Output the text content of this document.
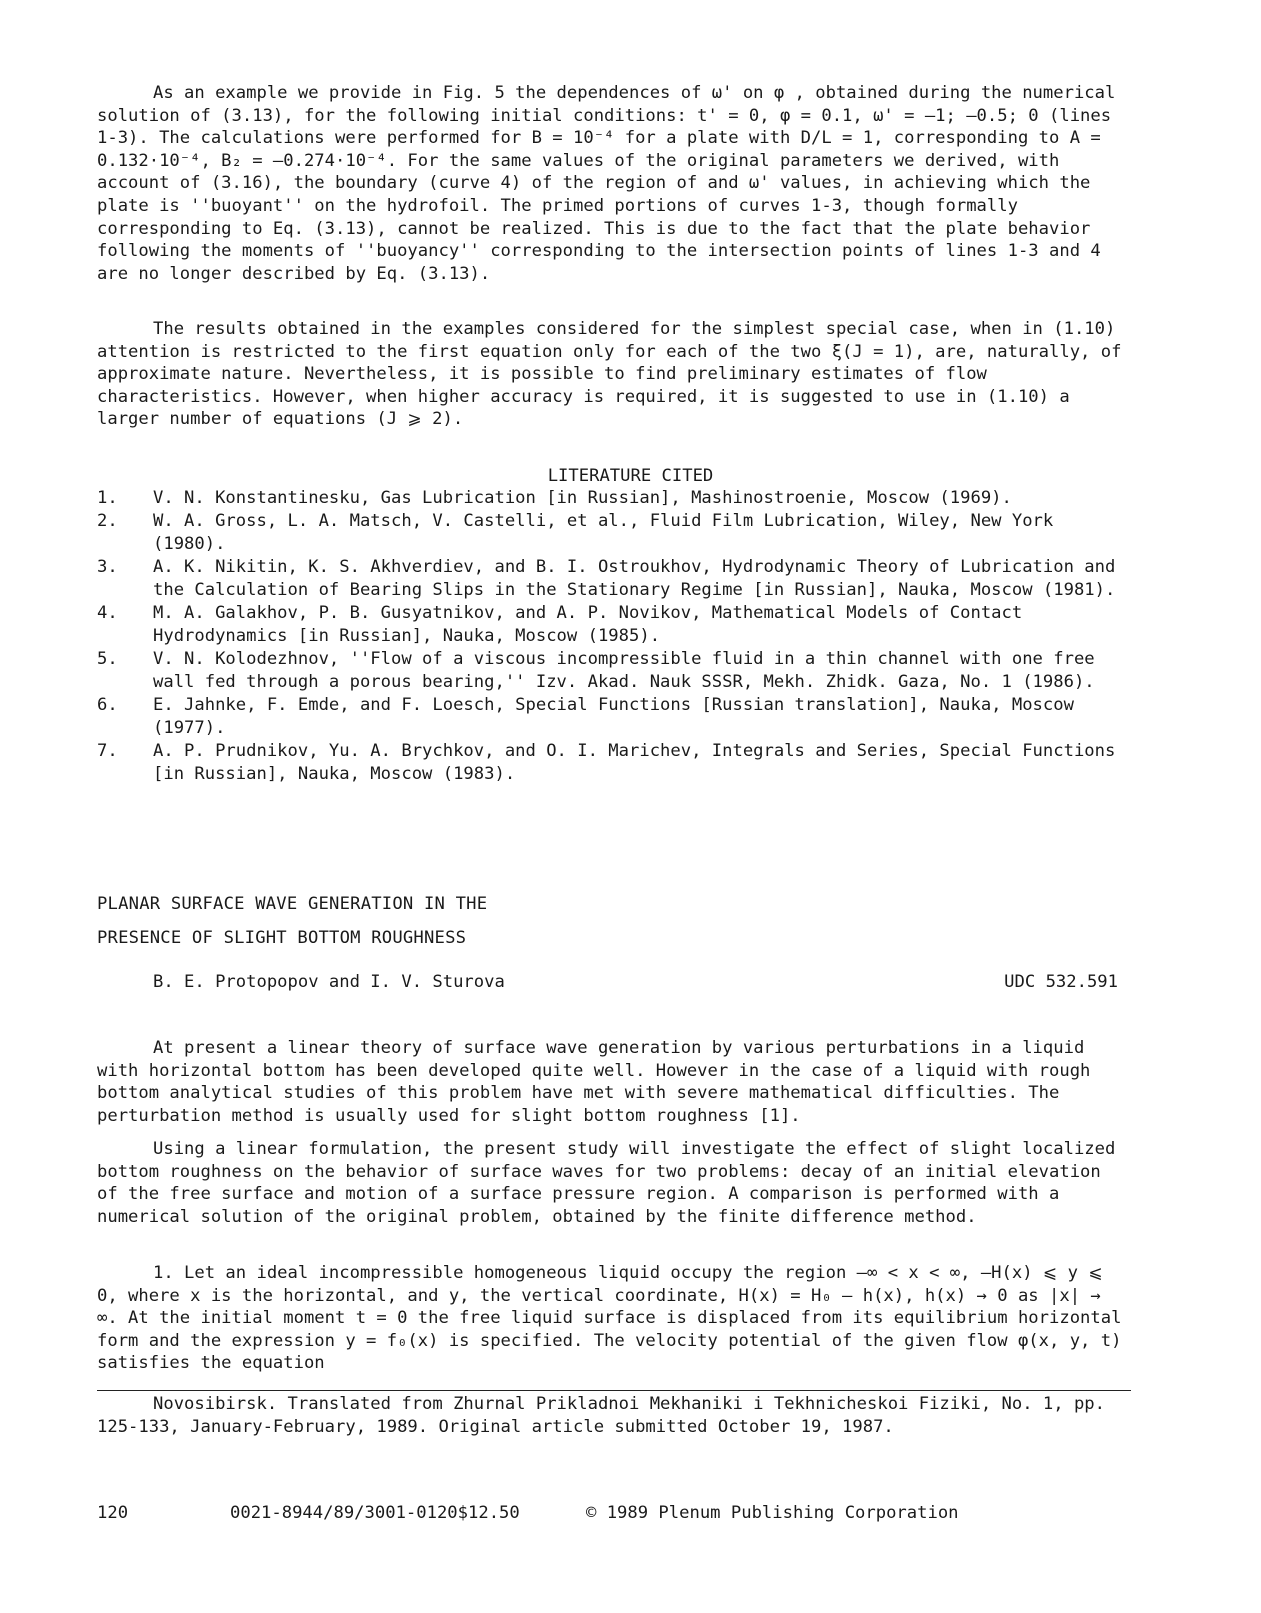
As an example we provide in Fig. 5 the dependences of ω' on φ , obtained during the numerical solution of (3.13), for the following initial conditions: t' = 0, φ = 0.1, ω' = —1; —0.5; 0 (lines 1-3). The calculations were performed for B = 10⁻⁴ for a plate with D/L = 1, corresponding to A = 0.132·10⁻⁴, B₂ = —0.274·10⁻⁴. For the same values of the original parameters we derived, with account of (3.16), the boundary (curve 4) of the region of and ω' values, in achieving which the plate is ''buoyant'' on the hydrofoil. The primed portions of curves 1-3, though formally corresponding to Eq. (3.13), cannot be realized. This is due to the fact that the plate behavior following the moments of ''buoyancy'' corresponding to the intersection points of lines 1-3 and 4 are no longer described by Eq. (3.13).

The results obtained in the examples considered for the simplest special case, when in (1.10) attention is restricted to the first equation only for each of the two ξ(J = 1), are, naturally, of approximate nature. Nevertheless, it is possible to find preliminary estimates of flow characteristics. However, when higher accuracy is required, it is suggested to use in (1.10) a larger number of equations (J ⩾ 2).

LITERATURE CITED
1. V. N. Konstantinesku, Gas Lubrication [in Russian], Mashinostroenie, Moscow (1969).
2. W. A. Gross, L. A. Matsch, V. Castelli, et al., Fluid Film Lubrication, Wiley, New York (1980).
3. A. K. Nikitin, K. S. Akhverdiev, and B. I. Ostroukhov, Hydrodynamic Theory of Lubrication and the Calculation of Bearing Slips in the Stationary Regime [in Russian], Nauka, Moscow (1981).
4. M. A. Galakhov, P. B. Gusyatnikov, and A. P. Novikov, Mathematical Models of Contact Hydrodynamics [in Russian], Nauka, Moscow (1985).
5. V. N. Kolodezhnov, ''Flow of a viscous incompressible fluid in a thin channel with one free wall fed through a porous bearing,'' Izv. Akad. Nauk SSSR, Mekh. Zhidk. Gaza, No. 1 (1986).
6. E. Jahnke, F. Emde, and F. Loesch, Special Functions [Russian translation], Nauka, Moscow (1977).
7. A. P. Prudnikov, Yu. A. Brychkov, and O. I. Marichev, Integrals and Series, Special Functions [in Russian], Nauka, Moscow (1983).
PLANAR SURFACE WAVE GENERATION IN THE
PRESENCE OF SLIGHT BOTTOM ROUGHNESS
B. E. Protopopov and I. V. Sturova	UDC 532.591

At present a linear theory of surface wave generation by various perturbations in a liquid with horizontal bottom has been developed quite well. However in the case of a liquid with rough bottom analytical studies of this problem have met with severe mathematical difficulties. The perturbation method is usually used for slight bottom roughness [1].

Using a linear formulation, the present study will investigate the effect of slight localized bottom roughness on the behavior of surface waves for two problems: decay of an initial elevation of the free surface and motion of a surface pressure region. A comparison is performed with a numerical solution of the original problem, obtained by the finite difference method.

1. Let an ideal incompressible homogeneous liquid occupy the region —∞ < x < ∞, —H(x) ⩽ y ⩽ 0, where x is the horizontal, and y, the vertical coordinate, H(x) = H₀ — h(x), h(x) → 0 as |x| → ∞. At the initial moment t = 0 the free liquid surface is displaced from its equilibrium horizontal form and the expression y = f₀(x) is specified. The velocity potential of the given flow φ(x, y, t) satisfies the equation

Novosibirsk. Translated from Zhurnal Prikladnoi Mekhaniki i Tekhnicheskoi Fiziki, No. 1, pp. 125-133, January-February, 1989. Original article submitted October 19, 1987.

120	0021-8944/89/3001-0120$12.50	© 1989 Plenum Publishing Corporation
